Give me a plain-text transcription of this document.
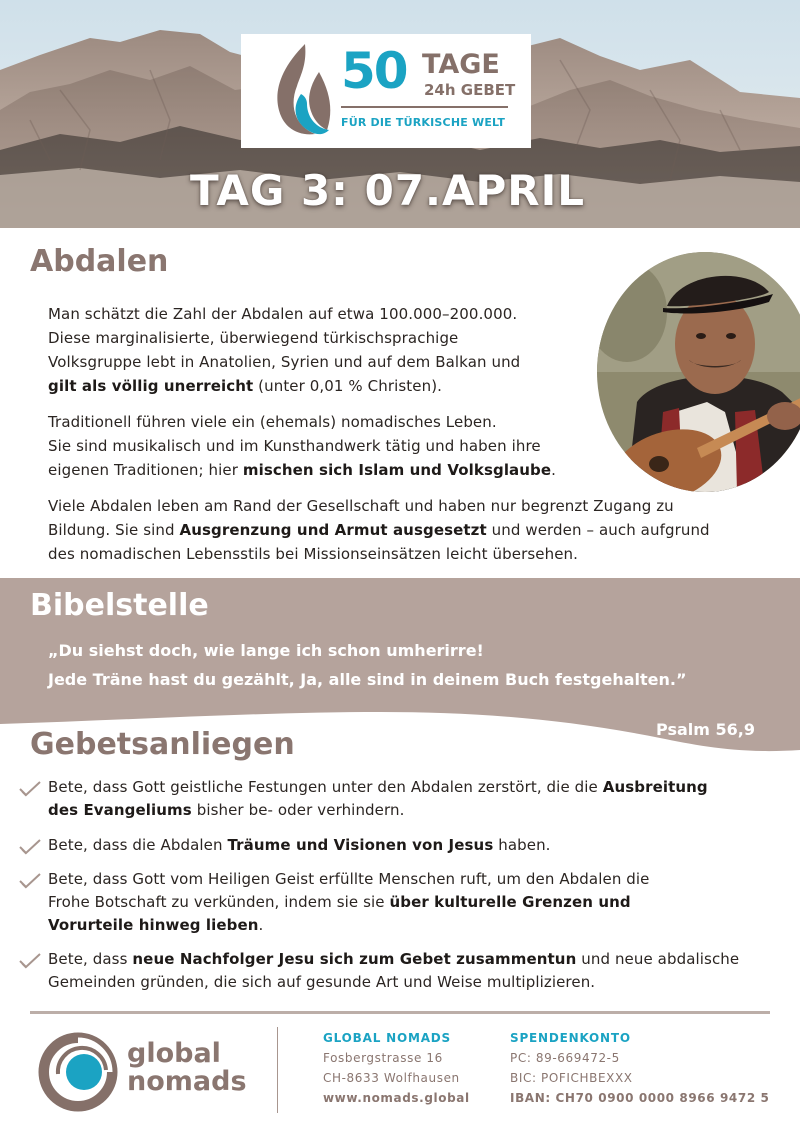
50 TAGE
24h GEBET
FÜR DIE TÜRKISCHE WELT
TAG 3: 07.APRIL
Abdalen
Man schätzt die Zahl der Abdalen auf etwa 100.000–200.000.
Diese marginalisierte, überwiegend türkischsprachige
Volksgruppe lebt in Anatolien, Syrien und auf dem Balkan und
gilt als völlig unerreicht (unter 0,01 % Christen).
Traditionell führen viele ein (ehemals) nomadisches Leben.
Sie sind musikalisch und im Kunsthandwerk tätig und haben ihre
eigenen Traditionen; hier mischen sich Islam und Volksglaube.
Viele Abdalen leben am Rand der Gesellschaft und haben nur begrenzt Zugang zu
Bildung. Sie sind Ausgrenzung und Armut ausgesetzt und werden – auch aufgrund
des nomadischen Lebensstils bei Missionseinsätzen leicht übersehen.
Bibelstelle
„Du siehst doch, wie lange ich schon umherirre!
Jede Träne hast du gezählt, Ja, alle sind in deinem Buch festgehalten.”
Psalm 56,9
Gebetsanliegen
Bete, dass Gott geistliche Festungen unter den Abdalen zerstört, die die Ausbreitung
des Evangeliums bisher be- oder verhindern.
Bete, dass die Abdalen Träume und Visionen von Jesus haben.
Bete, dass Gott vom Heiligen Geist erfüllte Menschen ruft, um den Abdalen die
Frohe Botschaft zu verkünden, indem sie sie über kulturelle Grenzen und
Vorurteile hinweg lieben.
Bete, dass neue Nachfolger Jesu sich zum Gebet zusammentun und neue abdalische
Gemeinden gründen, die sich auf gesunde Art und Weise multiplizieren.
global
nomads
GLOBAL NOMADS
Fosbergstrasse 16
CH-8633 Wolfhausen
www.nomads.global
SPENDENKONTO
PC: 89-669472-5
BIC: POFICHBEXXX
IBAN: CH70 0900 0000 8966 9472 5
